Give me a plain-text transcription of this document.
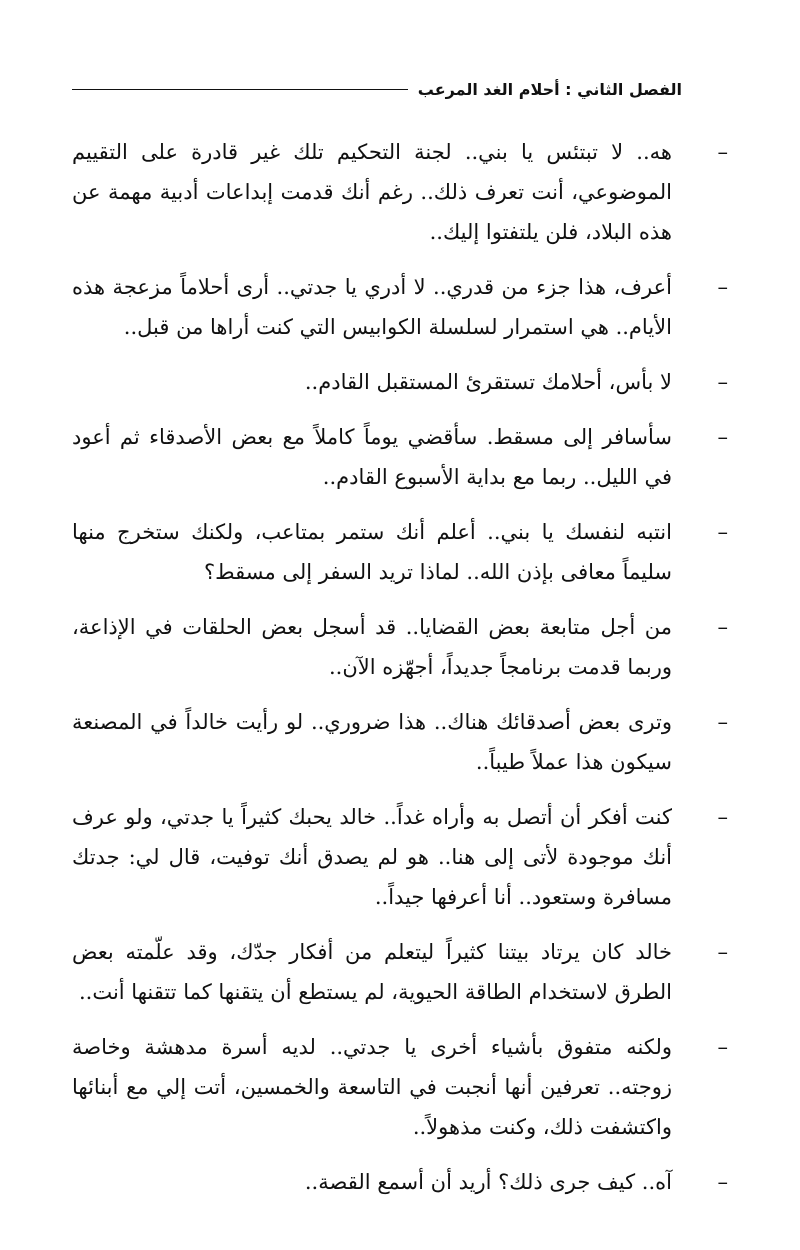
الفصل الثاني : أحلام الغد المرعب
–
هه.. لا تبتئس يا بني.. لجنة التحكيم تلك غير قادرة على التقييم الموضوعي، أنت تعرف ذلك.. رغم أنك قدمت إبداعات أدبية مهمة عن هذه البلاد، فلن يلتفتوا إليك..
–
أعرف، هذا جزء من قدري.. لا أدري يا جدتي.. أرى أحلاماً مزعجة هذه الأيام.. هي استمرار لسلسلة الكوابيس التي كنت أراها من قبل..
–
لا بأس، أحلامك تستقرئ المستقبل القادم..
–
سأسافر إلى مسقط. سأقضي يوماً كاملاً مع بعض الأصدقاء ثم أعود في الليل.. ربما مع بداية الأسبوع القادم..
–
انتبه لنفسك يا بني.. أعلم أنك ستمر بمتاعب، ولكنك ستخرج منها سليماً معافى بإذن الله.. لماذا تريد السفر إلى مسقط؟
–
من أجل متابعة بعض القضايا.. قد أسجل بعض الحلقات في الإذاعة، وربما قدمت برنامجاً جديداً، أجهّزه الآن..
–
وترى بعض أصدقائك هناك.. هذا ضروري.. لو رأيت خالداً في المصنعة سيكون هذا عملاً طيباً..
–
كنت أفكر أن أتصل به وأراه غداً.. خالد يحبك كثيراً يا جدتي، ولو عرف أنك موجودة لأتى إلى هنا.. هو لم يصدق أنك توفيت، قال لي: جدتك مسافرة وستعود.. أنا أعرفها جيداً..
–
خالد كان يرتاد بيتنا كثيراً ليتعلم من أفكار جدّك، وقد علّمته بعض الطرق لاستخدام الطاقة الحيوية، لم يستطع أن يتقنها كما تتقنها أنت..
–
ولكنه متفوق بأشياء أخرى يا جدتي.. لديه أسرة مدهشة وخاصة زوجته.. تعرفين أنها أنجبت في التاسعة والخمسين، أتت إلي مع أبنائها واكتشفت ذلك، وكنت مذهولاً..
–
آه.. كيف جرى ذلك؟ أريد أن أسمع القصة..
